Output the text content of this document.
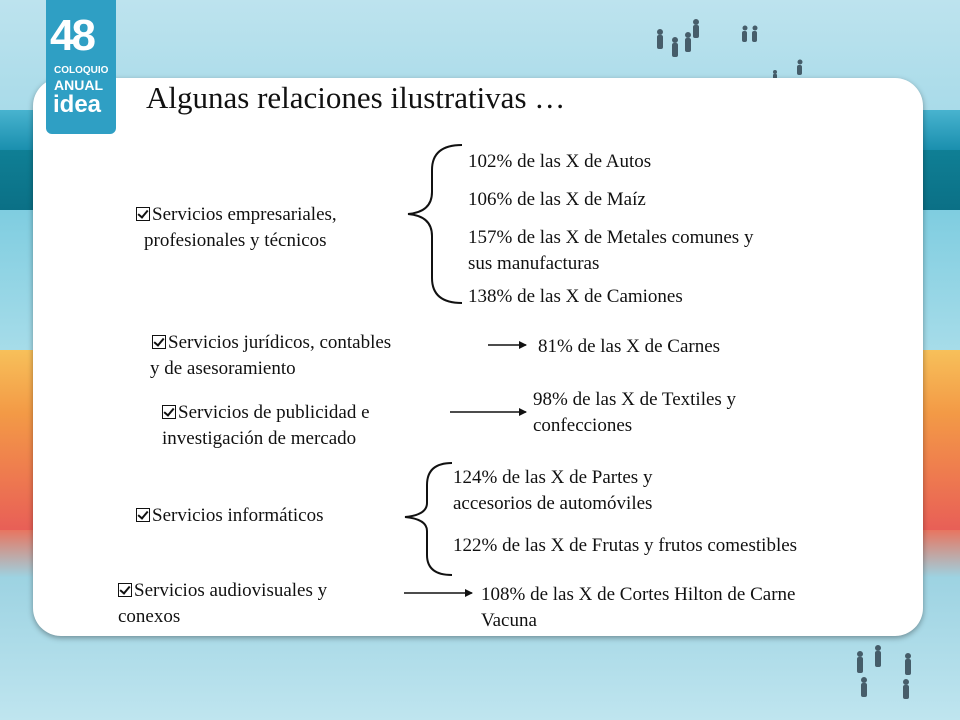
48
COLOQUIO
ANUAL
idea Algunas relaciones ilustrativas …
Servicios empresariales,
profesionales y técnicos
102% de las X de Autos
106% de las X de Maíz
157% de las X de Metales comunes y
sus manufacturas
138% de las X de Camiones
Servicios jurídicos, contables
y de asesoramiento
81% de las X de Carnes
Servicios de publicidad e
investigación de mercado
98% de las X de Textiles y
confecciones
Servicios informáticos
124% de las X de Partes y
accesorios de automóviles
122% de las X de Frutas y frutos comestibles
Servicios audiovisuales y
conexos
108% de las X de Cortes Hilton de Carne
Vacuna
